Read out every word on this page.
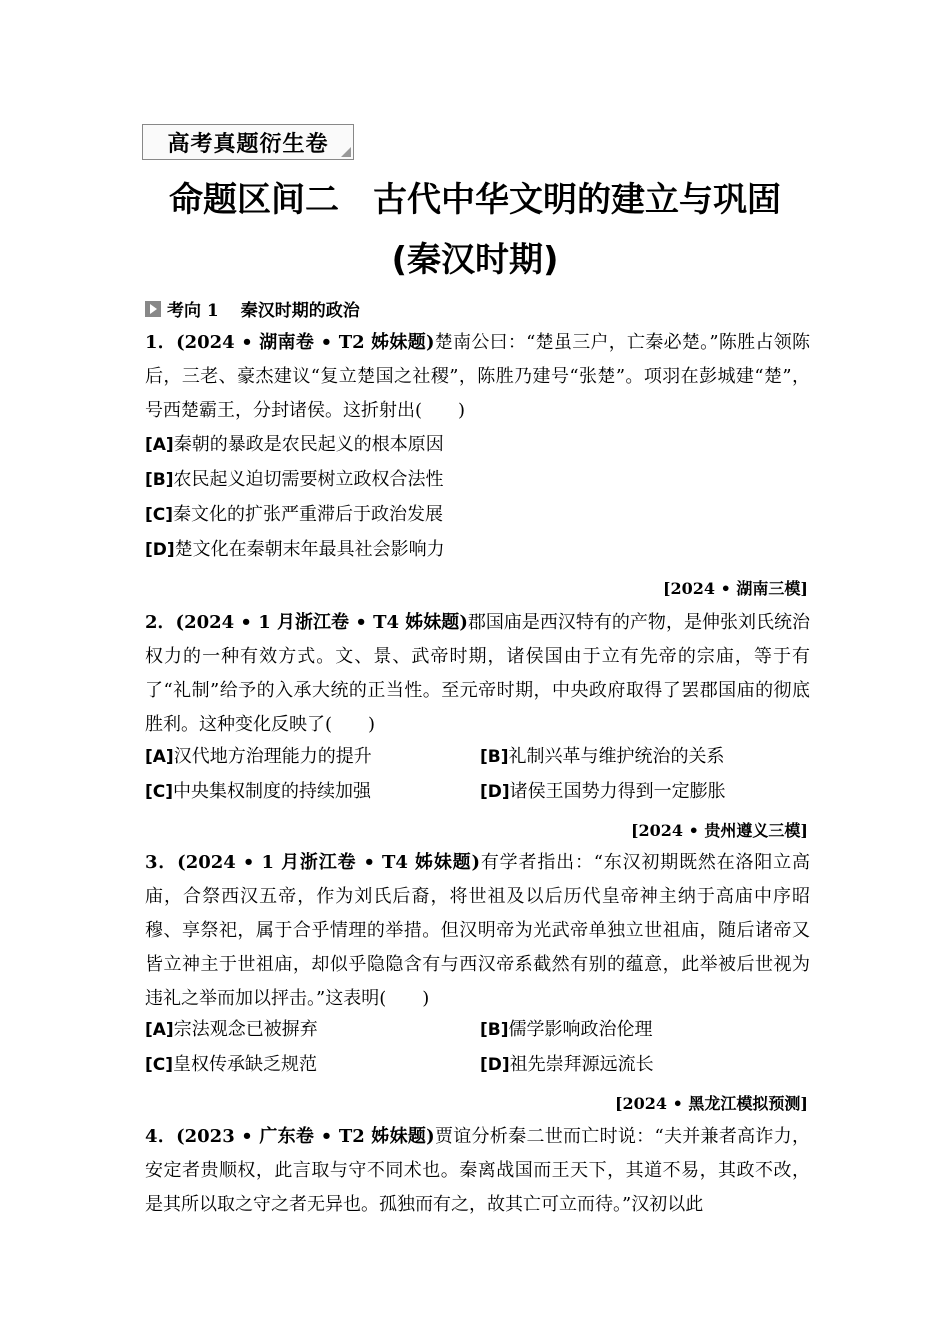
高考真题衍生卷
命题区间二　古代中华文明的建立与巩固
(秦汉时期)
考向 1 秦汉时期的政治
1．(2024 • 湖南卷 • T2 姊妹题)楚南公曰：“楚虽三户，亡秦必楚。”陈胜占领陈后，三老、豪杰建议“复立楚国之社稷”，陈胜乃建号“张楚”。项羽在彭城建“楚”，号西楚霸王，分封诸侯。这折射出(　　)
[A]秦朝的暴政是农民起义的根本原因
[B]农民起义迫切需要树立政权合法性
[C]秦文化的扩张严重滞后于政治发展
[D]楚文化在秦朝末年最具社会影响力
[2024 • 湖南三模]
2．(2024 • 1 月浙江卷 • T4 姊妹题)郡国庙是西汉特有的产物，是伸张刘氏统治权力的一种有效方式。文、景、武帝时期，诸侯国由于立有先帝的宗庙，等于有了“礼制”给予的入承大统的正当性。至元帝时期，中央政府取得了罢郡国庙的彻底胜利。这种变化反映了(　　)
[A]汉代地方治理能力的提升	[B]礼制兴革与维护统治的关系
[C]中央集权制度的持续加强	[D]诸侯王国势力得到一定膨胀
[2024 • 贵州遵义三模]
3．(2024 • 1 月浙江卷 • T4 姊妹题)有学者指出：“东汉初期既然在洛阳立高庙，合祭西汉五帝，作为刘氏后裔，将世祖及以后历代皇帝神主纳于高庙中序昭穆、享祭祀，属于合乎情理的举措。但汉明帝为光武帝单独立世祖庙，随后诸帝又皆立神主于世祖庙，却似乎隐隐含有与西汉帝系截然有别的蕴意，此举被后世视为违礼之举而加以抨击。”这表明(　　)
[A]宗法观念已被摒弃	[B]儒学影响政治伦理
[C]皇权传承缺乏规范	[D]祖先崇拜源远流长
[2024 • 黑龙江模拟预测]
4．(2023 • 广东卷 • T2 姊妹题)贾谊分析秦二世而亡时说：“夫并兼者高诈力，安定者贵顺权，此言取与守不同术也。秦离战国而王天下，其道不易，其政不改，是其所以取之守之者无异也。孤独而有之，故其亡可立而待。”汉初以此
